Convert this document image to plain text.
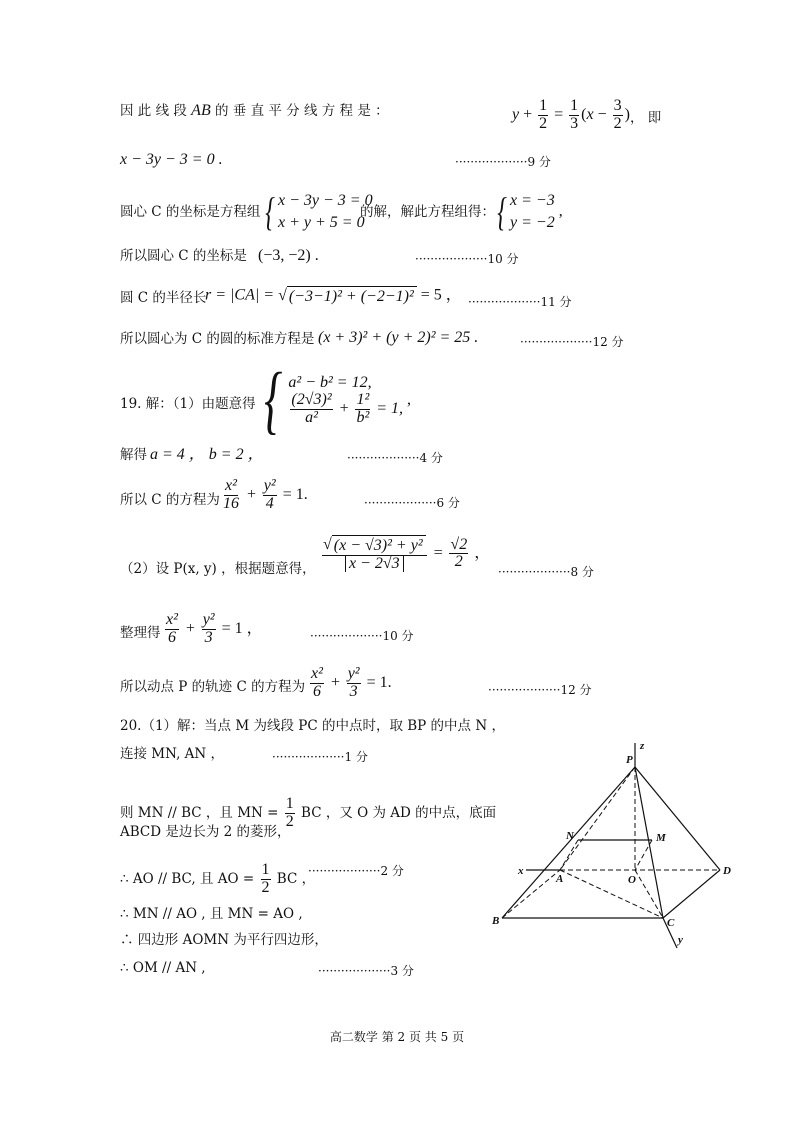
因 此 线 段 AB 的 垂 直 平 分 线 方 程 是 ：	$y + \frac{1}{2} = \frac{1}{3} (x - \frac{3}{2}$ ) ， 即
x − 3y − 3 = 0 .	···················9 分
圆心 C 的坐标是方程组 { x − 3y − 3 = 0
x + y + 5 = 0
的解，解此方程组得： { x = −3
y = −2
,
所以圆心 C 的坐标是 (−3, −2) .	···················10 分
圆 C 的半径长
r = |CA| = √ (−3−1)² + (−2−1)² = 5 ， ···················11 分
所以圆心为 C 的圆的标准方程是 (x + 3)² + (y + 2)² = 25 .	···················12 分
19. 解：（1）由题意得 { a² − b² = 12,
$\frac{\text{(2√3)²}}{\text{a²}} + \frac{\text{1²}}{\text{b²}} = 1$,
,
解得 a = 4 ， b = 2 ，	···················4 分
所以 C 的方程为 $\frac{\text{x²}}{16} + \frac{\text{y²}}{4} = 1$.
···················6 分
（2）设 P(x, y) ，根据题意得， $\frac{\text{√ (x − √3)² + y²}}{x - 2√3} = \frac{√2}{2}$ ，
···················8 分
整理得 $\frac{\text{x²}}{6} + \frac{\text{y²}}{3} = 1$ ，	···················10 分
所以动点 P 的轨迹 C 的方程为 $\frac{\text{x²}}{6} + \frac{\text{y²}}{3} = 1$.	···················12 分
20.（1）解：当点 M 为线段 PC 的中点时，取 BP 的中点 N ，
连接 MN, AN ，	···················1 分
则 MN // BC ，且 MN = $\frac{1}{2}$ BC ，又 O 为 AD 的中点，底面
ABCD 是边长为 2 的菱形，
∴ AO // BC, 且 AO = $\frac{1}{2}$ BC ，
···················2 分
∴ MN // AO , 且 MN = AO ,
∴ 四边形 AOMN 为平行四边形，
∴ OM // AN ,	···················3 分
P
z
N	M
x
A	O
D
B	C
y
高二数学 第 2 页 共 5 页
